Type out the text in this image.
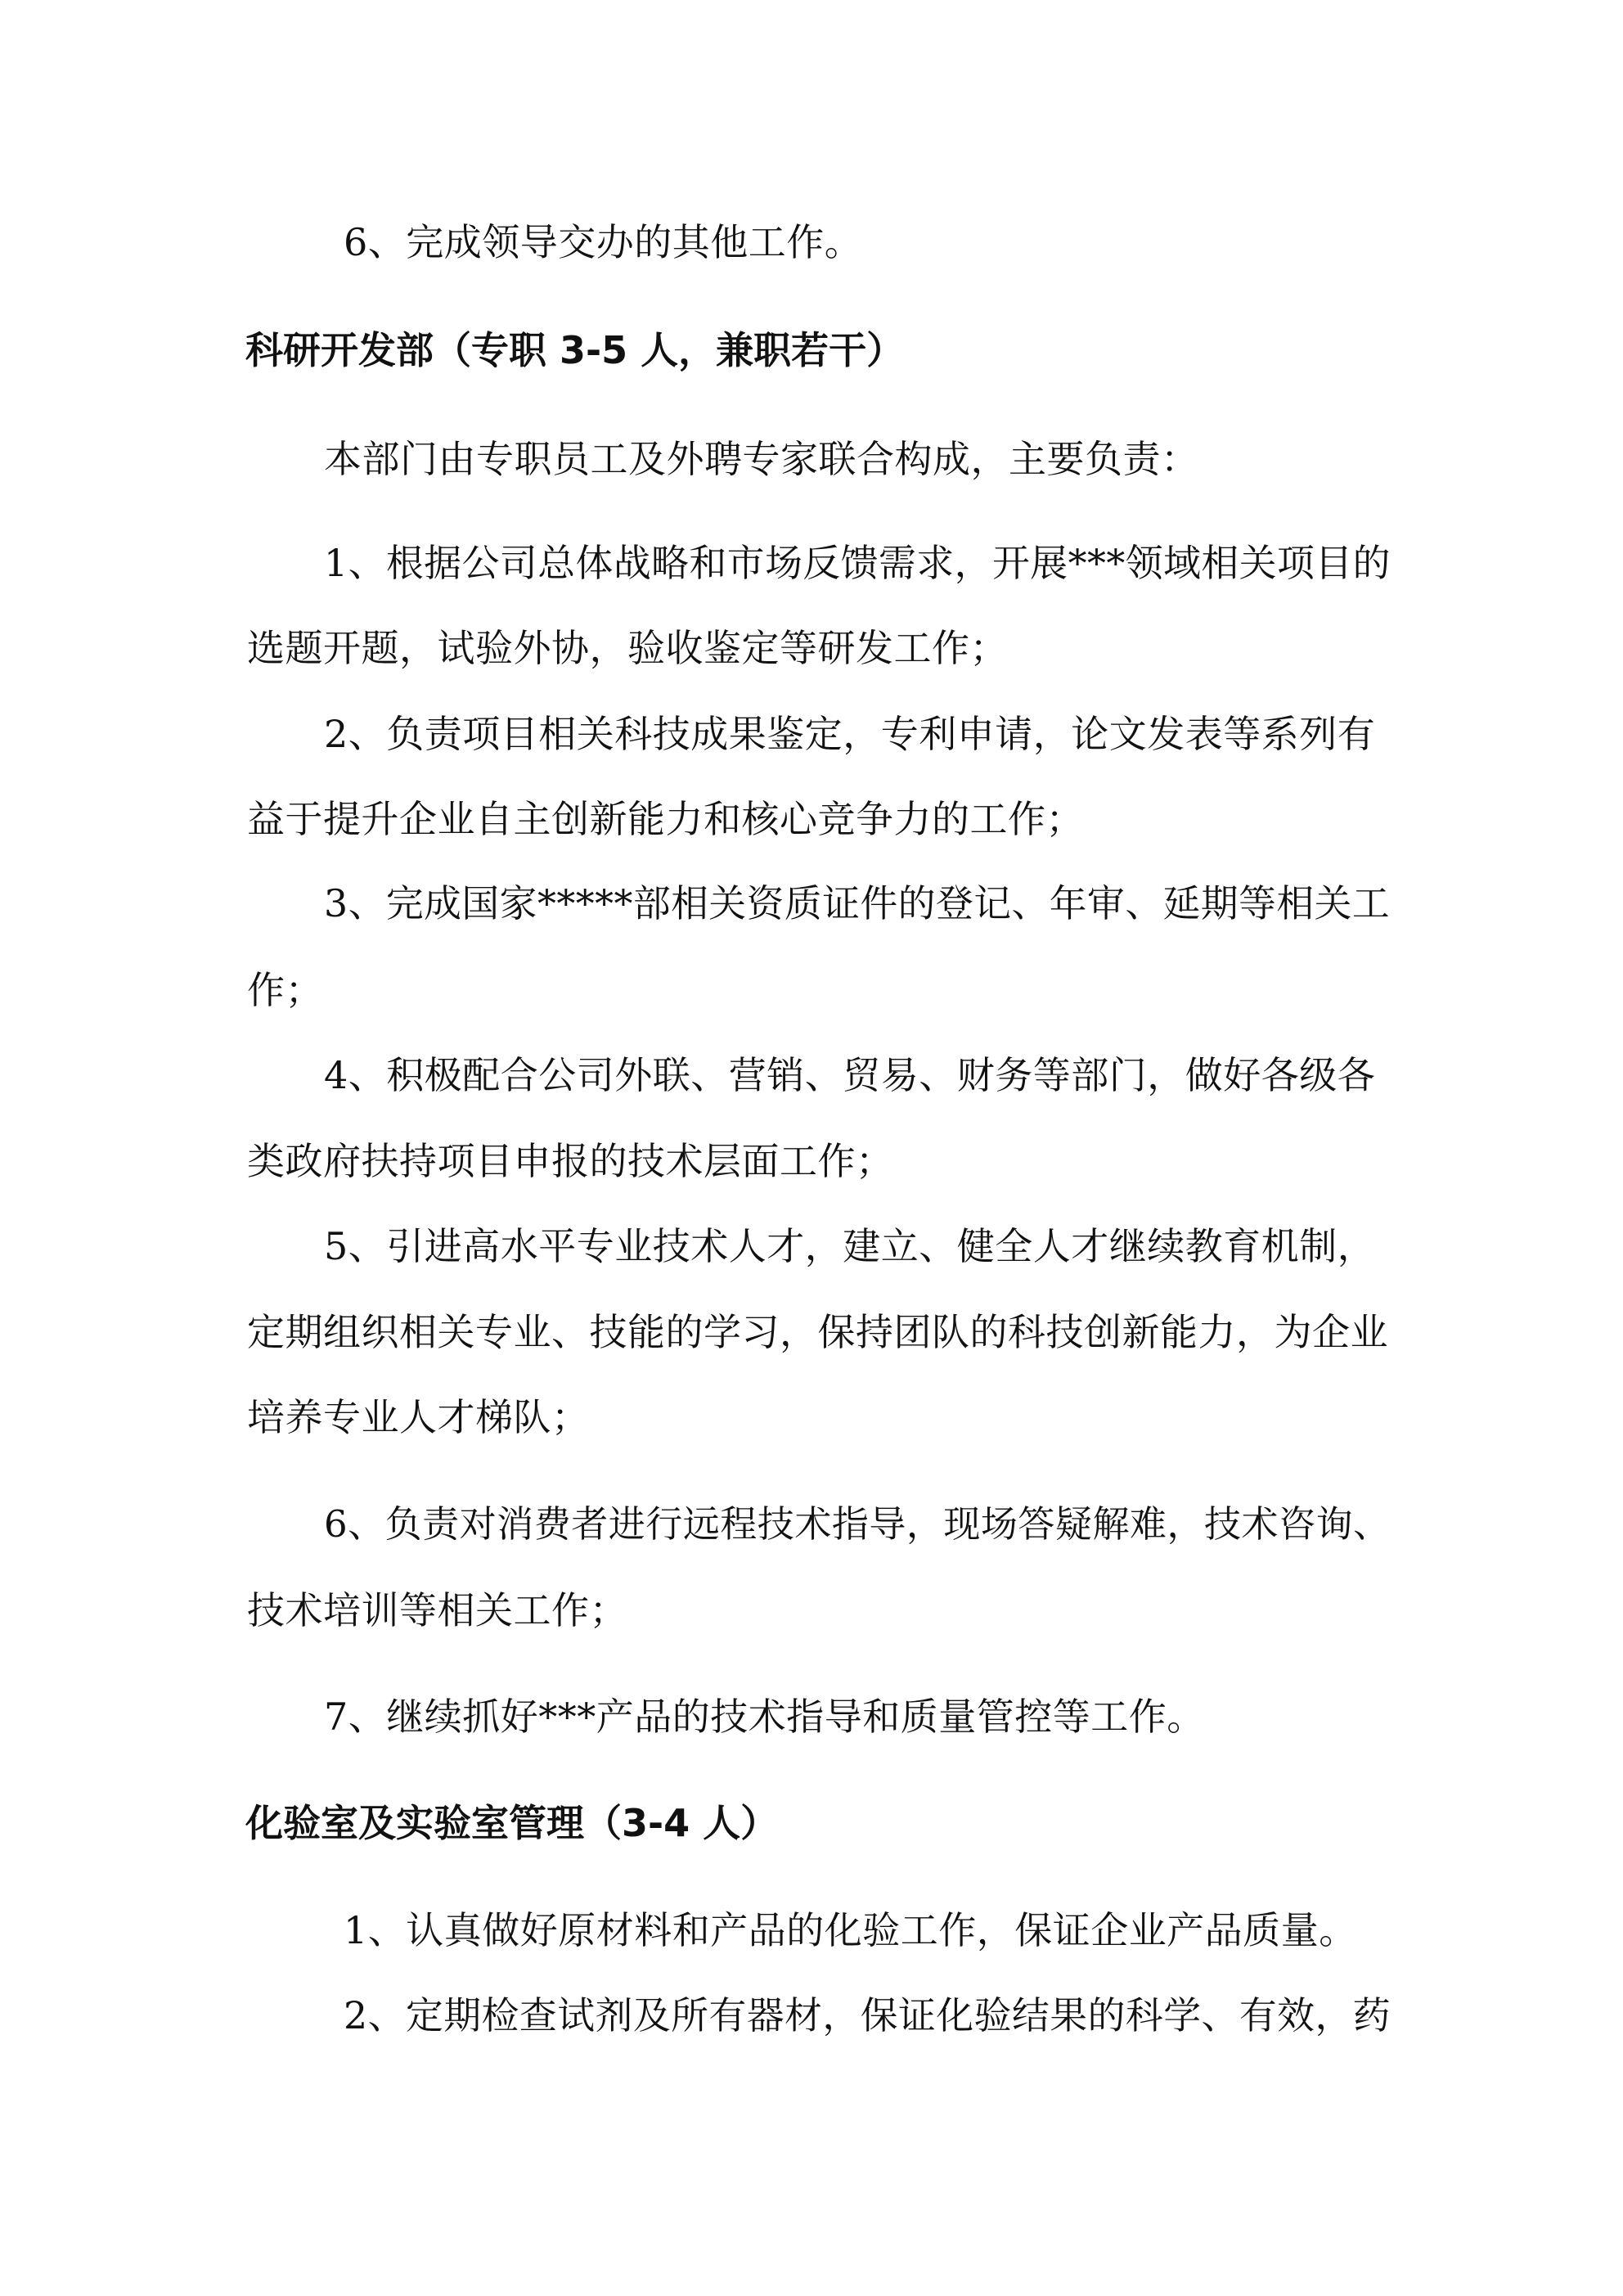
6、完成领导交办的其他工作。
科研开发部（专职 3-5 人，兼职若干）
本部门由专职员工及外聘专家联合构成，主要负责：
1、根据公司总体战略和市场反馈需求，开展***领域相关项目的
选题开题，试验外协，验收鉴定等研发工作；
2、负责项目相关科技成果鉴定，专利申请，论文发表等系列有
益于提升企业自主创新能力和核心竞争力的工作；
3、完成国家*****部相关资质证件的登记、年审、延期等相关工
作；
4、积极配合公司外联、营销、贸易、财务等部门，做好各级各
类政府扶持项目申报的技术层面工作；
5、引进高水平专业技术人才，建立、健全人才继续教育机制，
定期组织相关专业、技能的学习，保持团队的科技创新能力，为企业
培养专业人才梯队；
6、负责对消费者进行远程技术指导，现场答疑解难，技术咨询、
技术培训等相关工作；
7、继续抓好***产品的技术指导和质量管控等工作。
化验室及实验室管理（3-4 人）
1、认真做好原材料和产品的化验工作，保证企业产品质量。
2、定期检查试剂及所有器材，保证化验结果的科学、有效，药
